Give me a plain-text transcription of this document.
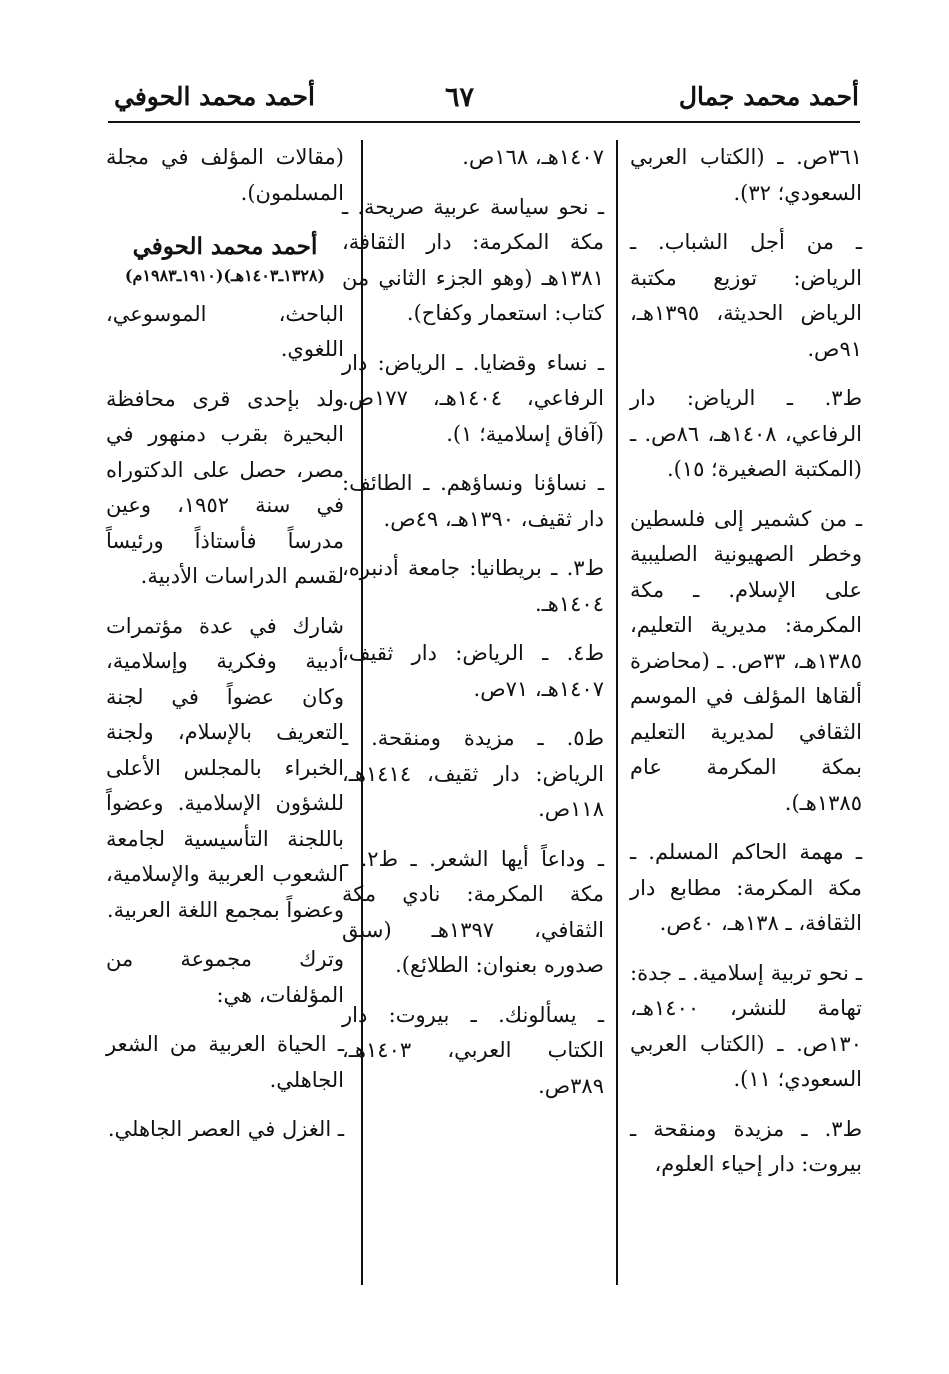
أحمد محمد جمال
٦٧
أحمد محمد الحوفي

٣٦١ص. ـ (الكتاب العربي السعودي؛ ٣٢).

ـ من أجل الشباب. ـ الرياض: توزيع مكتبة الرياض الحديثة، ١٣٩٥هـ، ٩١ص.

ط٣. ـ الرياض: دار الرفاعي، ١٤٠٨هـ، ٨٦ص. ـ (المكتبة الصغيرة؛ ١٥).

ـ من كشمير إلى فلسطين وخطر الصهيونية الصليبية على الإسلام. ـ مكة المكرمة: مديرية التعليم، ١٣٨٥هـ، ٣٣ص. ـ (محاضرة ألقاها المؤلف في الموسم الثقافي لمديرية التعليم بمكة المكرمة عام ١٣٨٥هـ).

ـ مهمة الحاكم المسلم. ـ مكة المكرمة: مطابع دار الثقافة، ـ ١٣٨هـ، ٤٠ص.

ـ نحو تربية إسلامية. ـ جدة: تهامة للنشر، ١٤٠٠هـ، ١٣٠ص. ـ (الكتاب العربي السعودي؛ ١١).

ط٣. ـ مزيدة ومنقحة ـ بيروت: دار إحياء العلوم،

١٤٠٧هـ، ١٦٨ص.

ـ نحو سياسة عربية صريحة. ـ مكة المكرمة: دار الثقافة، ١٣٨١هـ (وهو الجزء الثاني من كتاب: استعمار وكفاح).

ـ نساء وقضايا. ـ الرياض: دار الرفاعي، ١٤٠٤هـ، ١٧٧ص. (آفاق إسلامية؛ ١).

ـ نساؤنا ونساؤهم. ـ الطائف: دار ثقيف، ١٣٩٠هـ، ٤٩ص.

ط٣. ـ بريطانيا: جامعة أدنبره، ١٤٠٤هـ.

ط٤. ـ الرياض: دار ثقيف، ١٤٠٧هـ، ٧١ص.

ط٥. ـ مزيدة ومنقحة. ـ الرياض: دار ثقيف، ١٤١٤هـ، ١١٨ص.

ـ وداعاً أيها الشعر. ـ ط٢. ـ مكة المكرمة: نادي مكة الثقافي، ١٣٩٧هـ (سبق صدوره بعنوان: الطلائع).

ـ يسألونك. ـ بيروت: دار الكتاب العربي، ١٤٠٣هـ، ٣٨٩ص.

(مقالات المؤلف في مجلة المسلمون).

أحمد محمد الحوفي

(١٣٢٨ـ١٤٠٣هـ)(١٩١٠ـ١٩٨٣م)

الباحث، الموسوعي، اللغوي.

ولد بإحدى قرى محافظة البحيرة بقرب دمنهور في مصر، حصل على الدكتوراه في سنة ١٩٥٢، وعين مدرساً فأستاذاً ورئيساً لقسم الدراسات الأدبية.

شارك في عدة مؤتمرات أدبية وفكرية وإسلامية، وكان عضواً في لجنة التعريف بالإسلام، ولجنة الخبراء بالمجلس الأعلى للشؤون الإسلامية. وعضواً باللجنة التأسيسية لجامعة الشعوب العربية والإسلامية، وعضواً بمجمع اللغة العربية.

وترك مجموعة من المؤلفات، هي:

ـ الحياة العربية من الشعر الجاهلي.

ـ الغزل في العصر الجاهلي.
